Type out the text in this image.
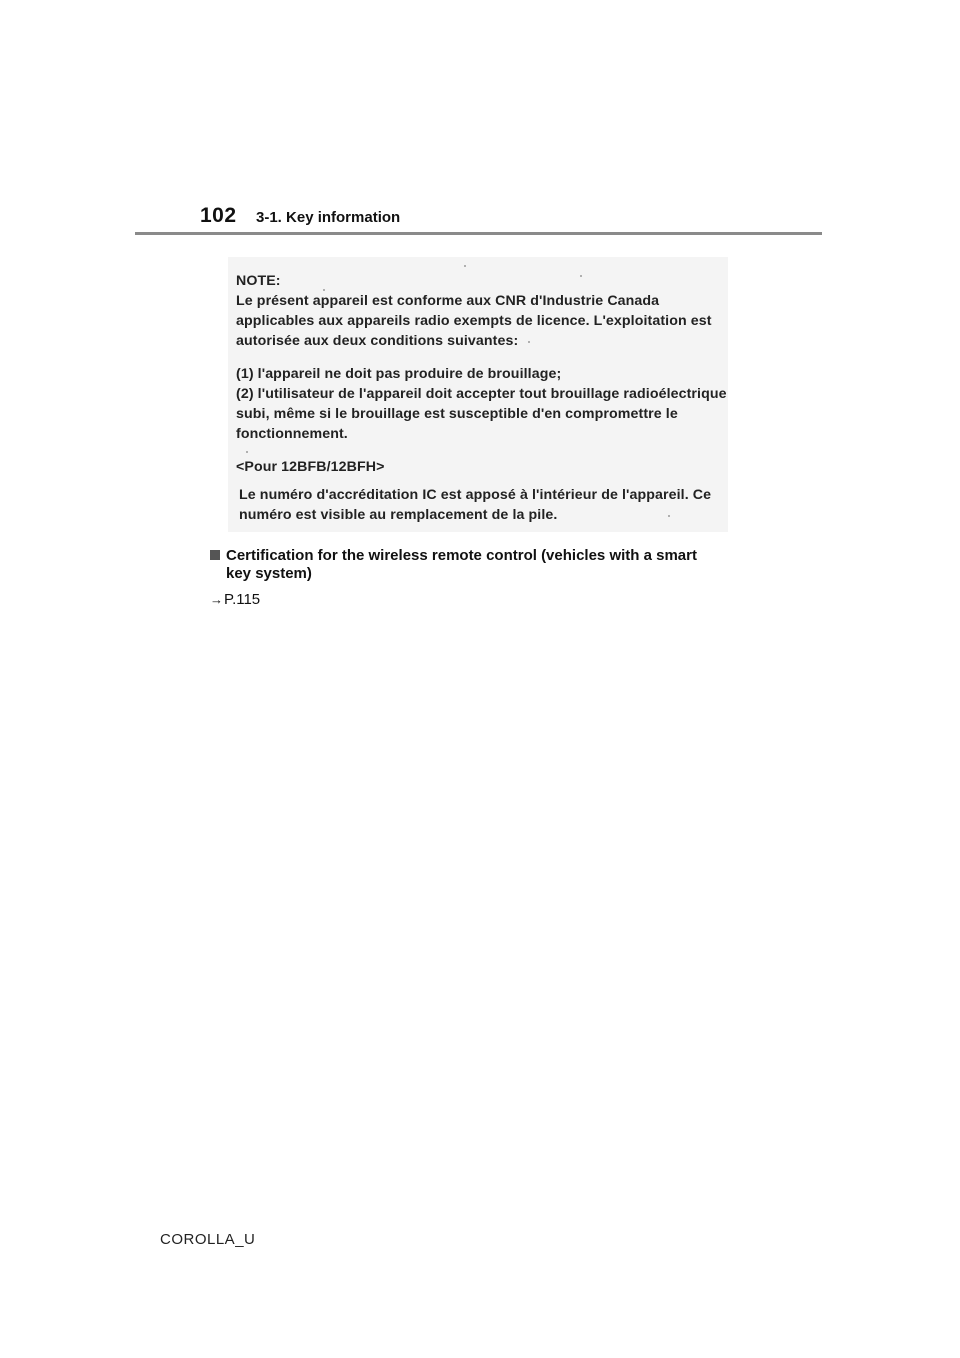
102 3-1. Key information
NOTE:
Le présent appareil est conforme aux CNR d'Industrie Canada
applicables aux appareils radio exempts de licence. L'exploitation est
autorisée aux deux conditions suivantes:
(1) l'appareil ne doit pas produire de brouillage;
(2) l'utilisateur de l'appareil doit accepter tout brouillage radioélectrique
subi, même si le brouillage est susceptible d'en compromettre le
fonctionnement.
<Pour 12BFB/12BFH>
Le numéro d'accréditation IC est apposé à l'intérieur de l'appareil. Ce
numéro est visible au remplacement de la pile.
Certification for the wireless remote control (vehicles with a smart
key system)
→P.115
COROLLA_U
